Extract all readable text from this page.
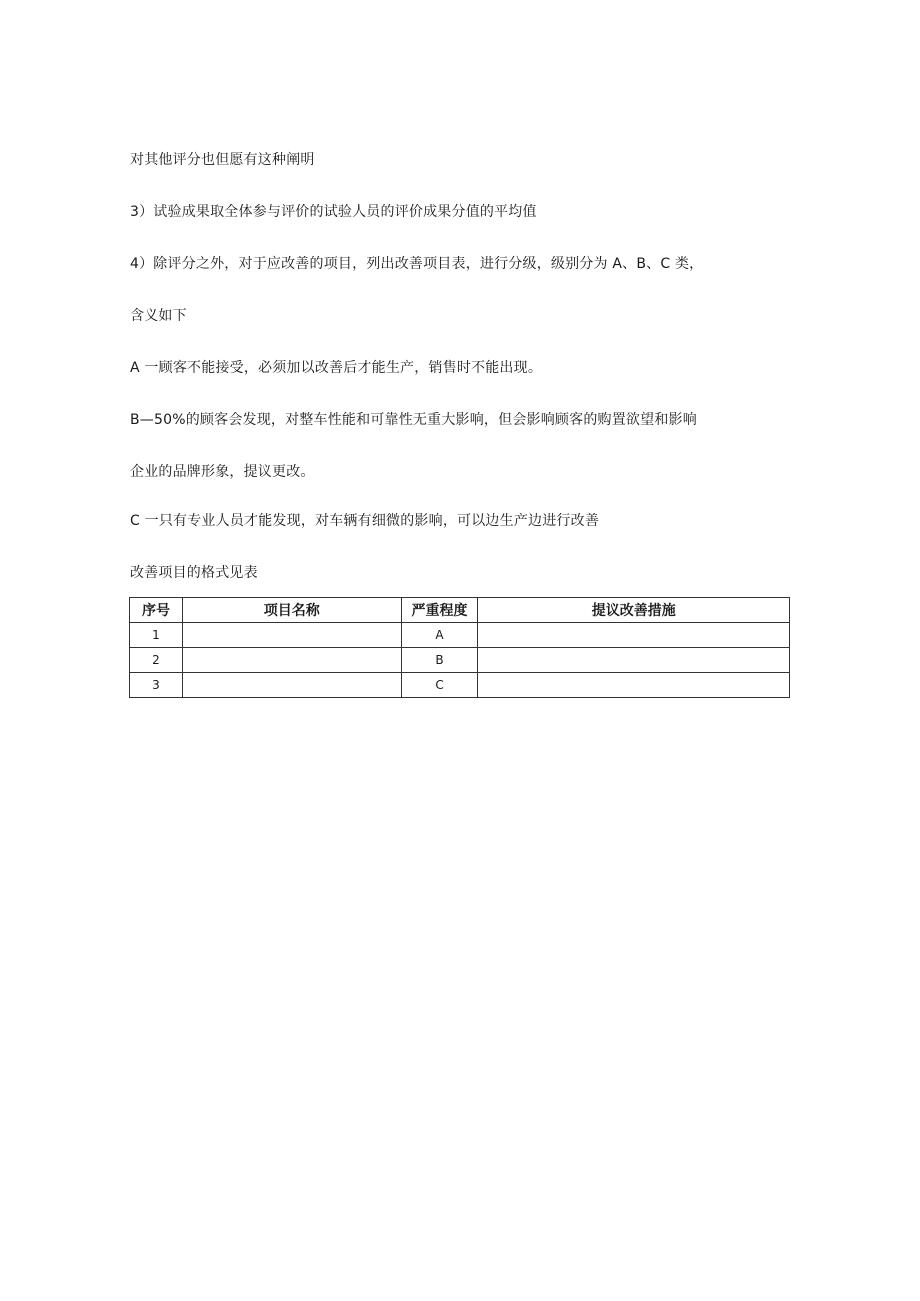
对其他评分也但愿有这种阐明
3）试验成果取全体参与评价的试验人员的评价成果分值的平均值
4）除评分之外，对于应改善的项目，列出改善项目表，进行分级，级别分为 A、B、C 类，
含义如下
A 一顾客不能接受，必须加以改善后才能生产，销售时不能出现。
B—50%的顾客会发现，对整车性能和可靠性无重大影响，但会影响顾客的购置欲望和影响
企业的品牌形象，提议更改。
C 一只有专业人员才能发现，对车辆有细微的影响，可以边生产边进行改善
改善项目的格式见表
序号	项目名称	严重程度	提议改善措施
1		A	
2		B	
3		C	
